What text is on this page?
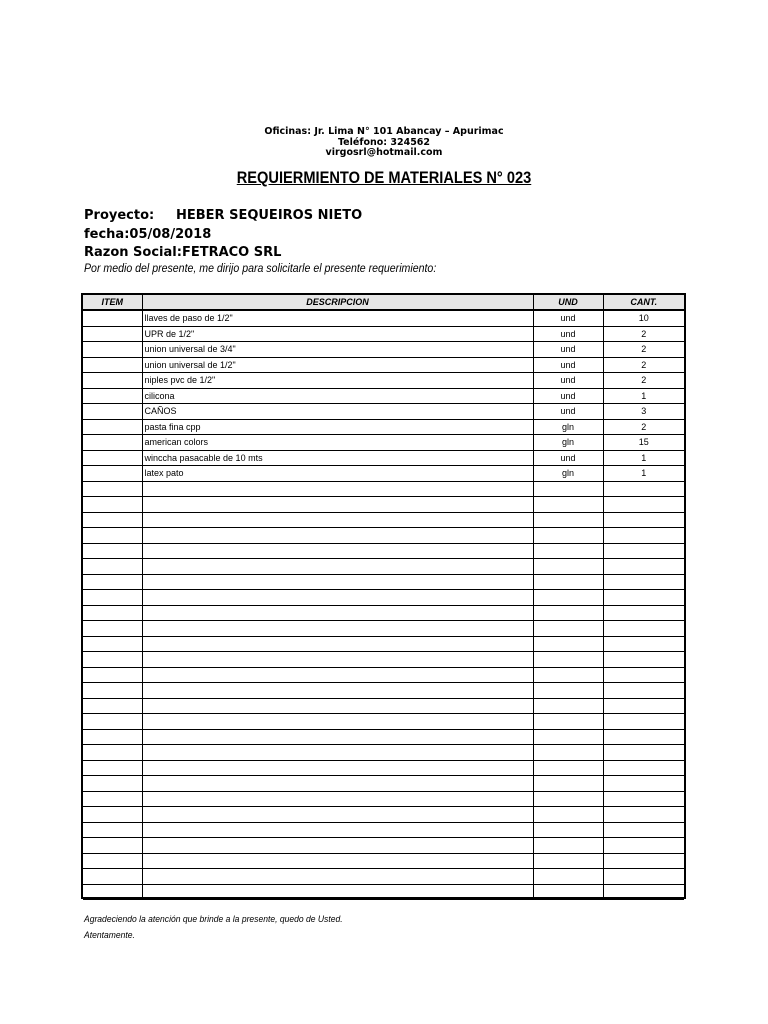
Oficinas: Jr. Lima N° 101 Abancay – Apurimac
Teléfono: 324562
virgosrl@hotmail.com
REQUIERMIENTO DE MATERIALES N° 023
Proyecto: HEBER SEQUEIROS NIETO
fecha:05/08/2018
Razon Social:FETRACO SRL
Por medio del presente, me dirijo para solicitarle el presente requerimiento:
ITEM	DESCRIPCION	UND	CANT.
	llaves de paso de 1/2"	und	10
	UPR de 1/2"	und	2
	union universal de 3/4"	und	2
	union universal de 1/2"	und	2
	niples pvc de 1/2"	und	2
	cilicona	und	1
	CAÑOS	und	3
	pasta fina cpp	gln	2
	american colors	gln	15
	winccha pasacable de 10 mts	und	1
	latex pato	gln	1

Agradeciendo la atención que brinde a la presente, quedo de Usted.
Atentamente.
